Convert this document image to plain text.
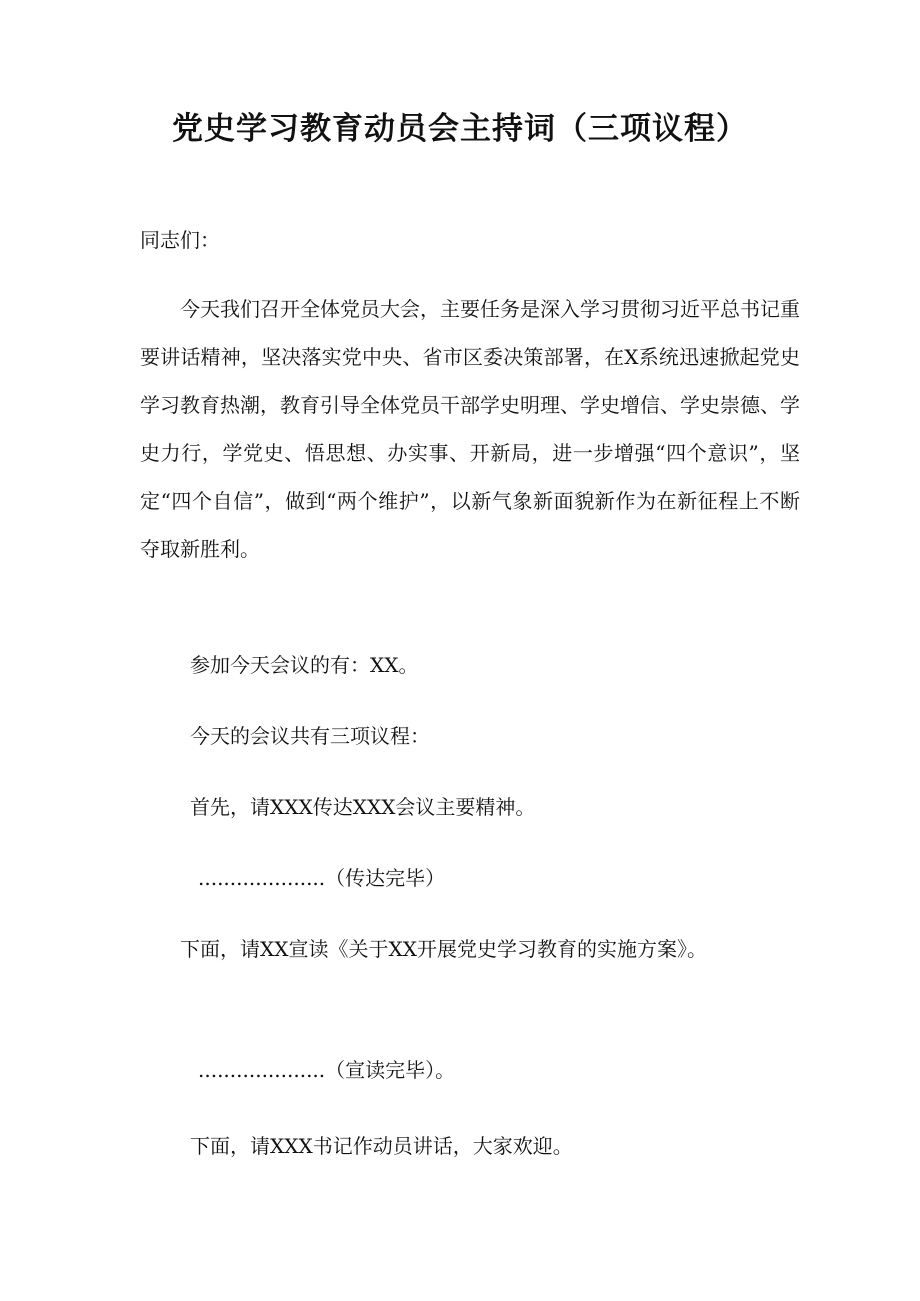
党史学习教育动员会主持词（三项议程）

同志们：

今天我们召开全体党员大会，主要任务是深入学习贯彻习近平总书记重要讲话精神，坚决落实党中央、省市区委决策部署，在X系统迅速掀起党史学习教育热潮，教育引导全体党员干部学史明理、学史增信、学史崇德、学史力行，学党史、悟思想、办实事、开新局，进一步增强“四个意识”，坚定“四个自信”，做到“两个维护”，以新气象新面貌新作为在新征程上不断夺取新胜利。

参加今天会议的有：XX。

今天的会议共有三项议程：

首先，请XXX传达XXX会议主要精神。

....................（传达完毕）

下面，请XX宣读《关于XX开展党史学习教育的实施方案》。

....................（宣读完毕）。

下面，请XXX书记作动员讲话，大家欢迎。
